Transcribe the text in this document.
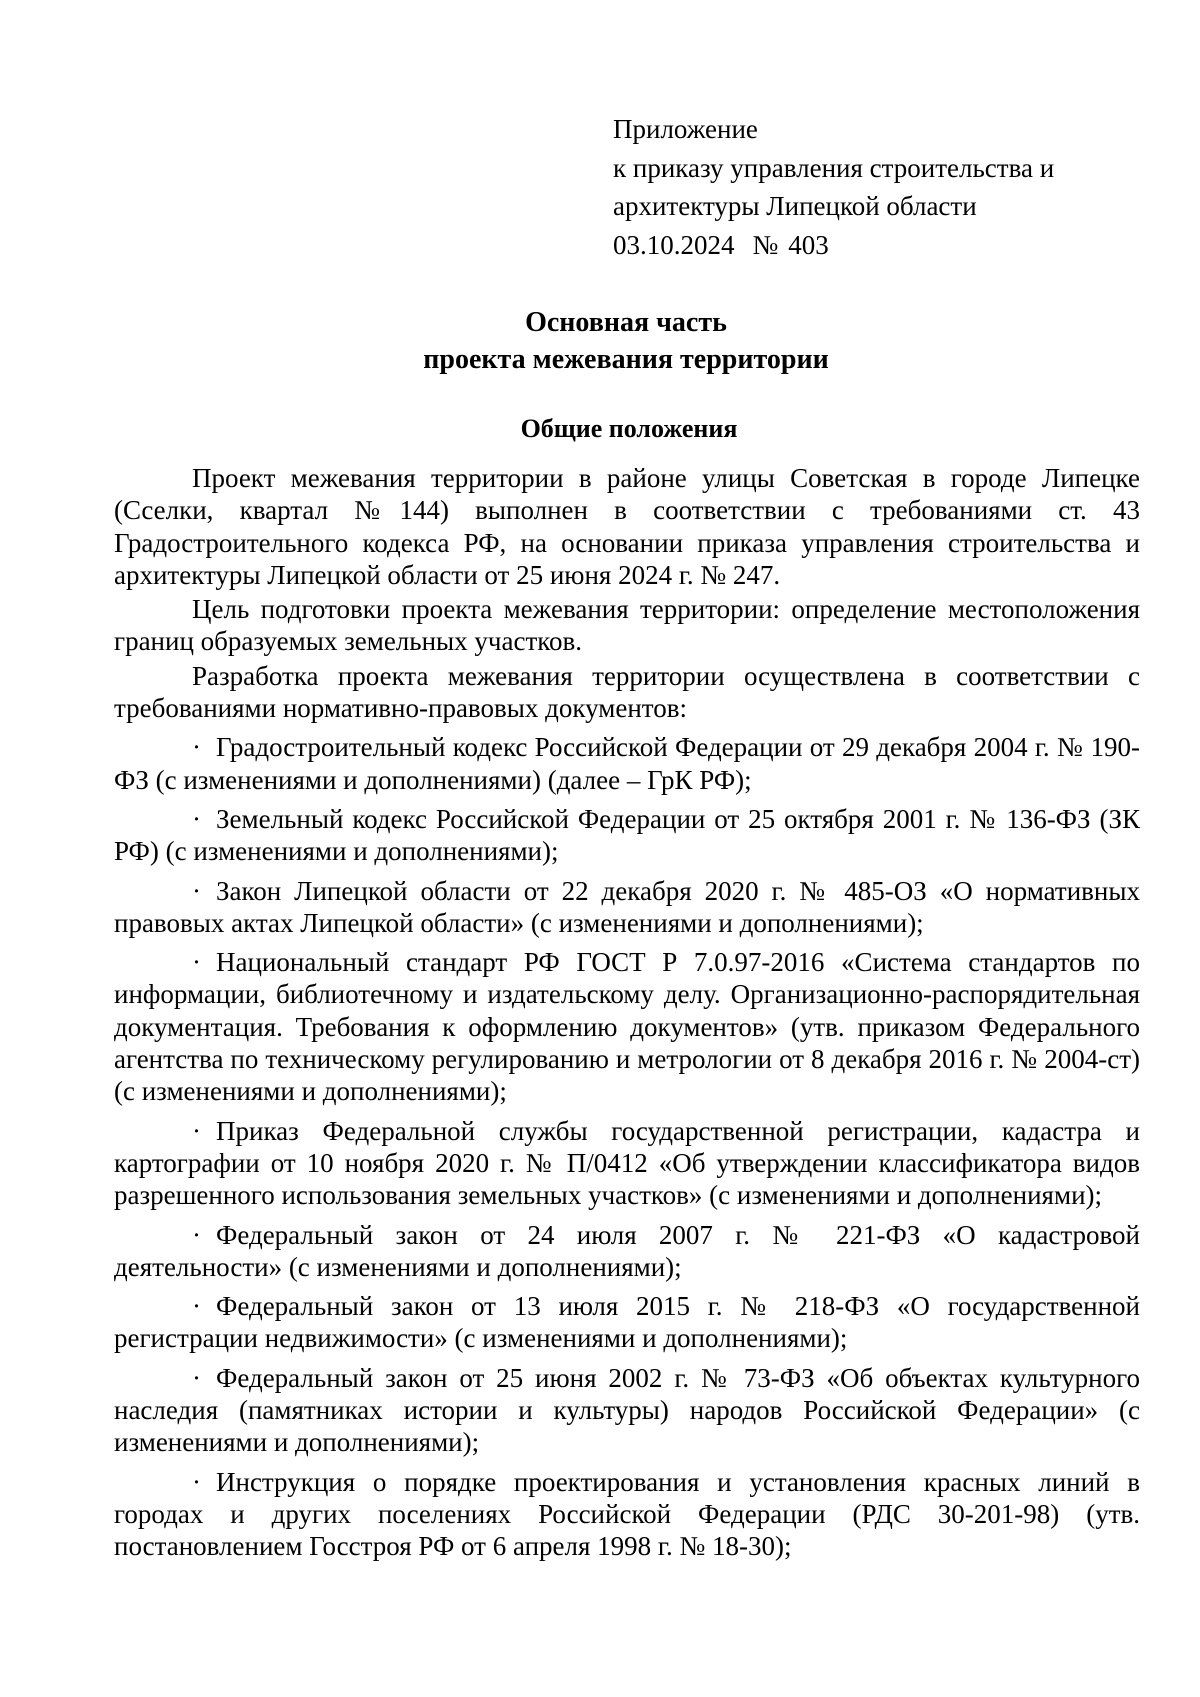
Приложение
к приказу управления строительства и
архитектуры Липецкой области
03.10.2024 № 403
Основная часть
проекта межевания территории
Общие положения

Проект межевания территории в районе улицы Советская в городе Липецке (Сселки, квартал №144) выполнен в соответствии с требованиями ст. 43 Градостроительного кодекса РФ, на основании приказа управления строительства и архитектуры Липецкой области от 25 июня 2024 г. № 247.

Цель подготовки проекта межевания территории: определение местоположения границ образуемых земельных участков.

Разработка проекта межевания территории осуществлена в соответствии с требованиями нормативно-правовых документов:

· Градостроительный кодекс Российской Федерации от 29 декабря 2004 г. № 190-ФЗ (с изменениями и дополнениями) (далее – ГрК РФ);
· Земельный кодекс Российской Федерации от 25 октября 2001 г. № 136-ФЗ (ЗК РФ) (с изменениями и дополнениями);
· Закон Липецкой области от 22 декабря 2020 г. № 485-ОЗ «О нормативных правовых актах Липецкой области» (с изменениями и дополнениями);
· Национальный стандарт РФ ГОСТ Р 7.0.97-2016 «Система стандартов по информации, библиотечному и издательскому делу. Организационно-распорядительная документация. Требования к оформлению документов» (утв. приказом Федерального агентства по техническому регулированию и метрологии от 8 декабря 2016 г. № 2004-ст) (с изменениями и дополнениями);
· Приказ Федеральной службы государственной регистрации, кадастра и картографии от 10 ноября 2020 г. № П/0412 «Об утверждении классификатора видов разрешенного использования земельных участков» (с изменениями и дополнениями);
· Федеральный закон от 24 июля 2007 г. № 221-ФЗ «О кадастровой деятельности» (с изменениями и дополнениями);
· Федеральный закон от 13 июля 2015 г. № 218-ФЗ «О государственной регистрации недвижимости» (с изменениями и дополнениями);
· Федеральный закон от 25 июня 2002 г. № 73-ФЗ «Об объектах культурного наследия (памятниках истории и культуры) народов Российской Федерации» (с изменениями и дополнениями);
· Инструкция о порядке проектирования и установления красных линий в городах и других поселениях Российской Федерации (РДС 30-201-98) (утв. постановлением Госстроя РФ от 6 апреля 1998 г. № 18-30);
